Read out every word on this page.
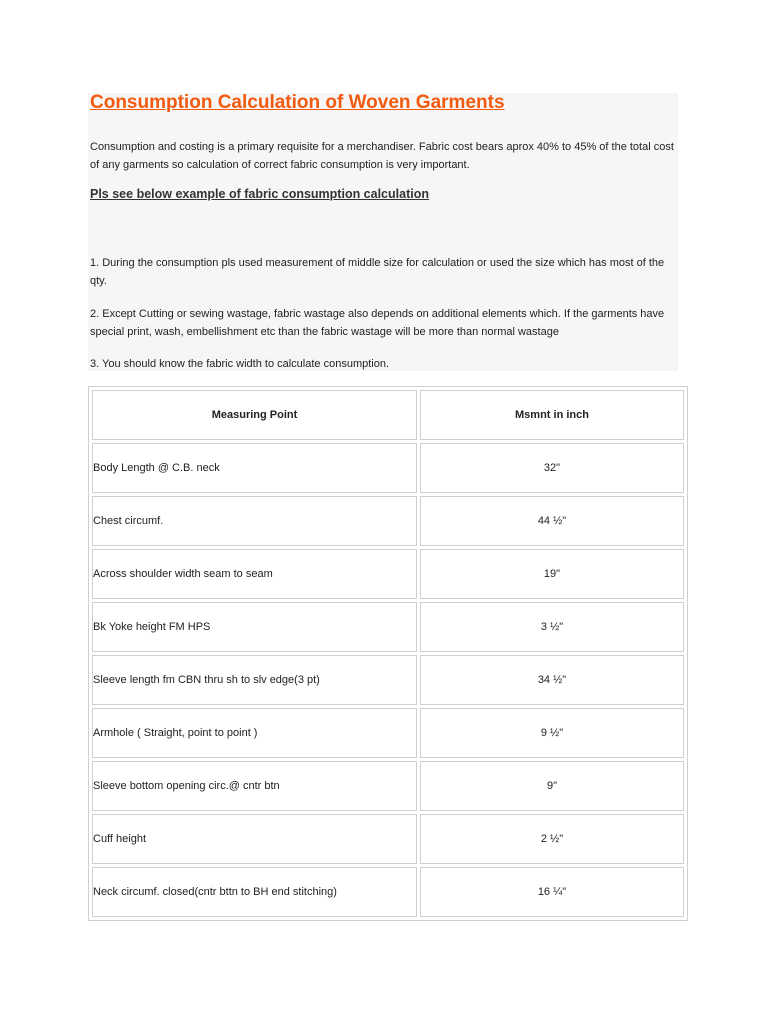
Consumption Calculation of Woven Garments

Consumption and costing is a primary requisite for a merchandiser. Fabric cost bears aprox 40% to 45% of the total cost of any garments so calculation of correct fabric consumption is very important.

Pls see below example of fabric consumption calculation

1. During the consumption pls used measurement of middle size for calculation or used the size which has most of the qty.

2. Except Cutting or sewing wastage, fabric wastage also depends on additional elements which. If the garments have special print, wash, embellishment etc than the fabric wastage will be more than normal wastage

3. You should know the fabric width to calculate consumption.

Measuring Point	Msmnt in inch
Body Length @ C.B. neck	32"
Chest circumf.	44 ½"
Across shoulder width seam to seam	19"
Bk Yoke height FM HPS	3 ½"
Sleeve length fm CBN thru sh to slv edge(3 pt)	34 ½"
Armhole ( Straight, point to point )	9 ½"
Sleeve bottom opening circ.@ cntr btn	9"
Cuff height	2 ½"
Neck circumf. closed(cntr bttn to BH end stitching)	16 ¼"
